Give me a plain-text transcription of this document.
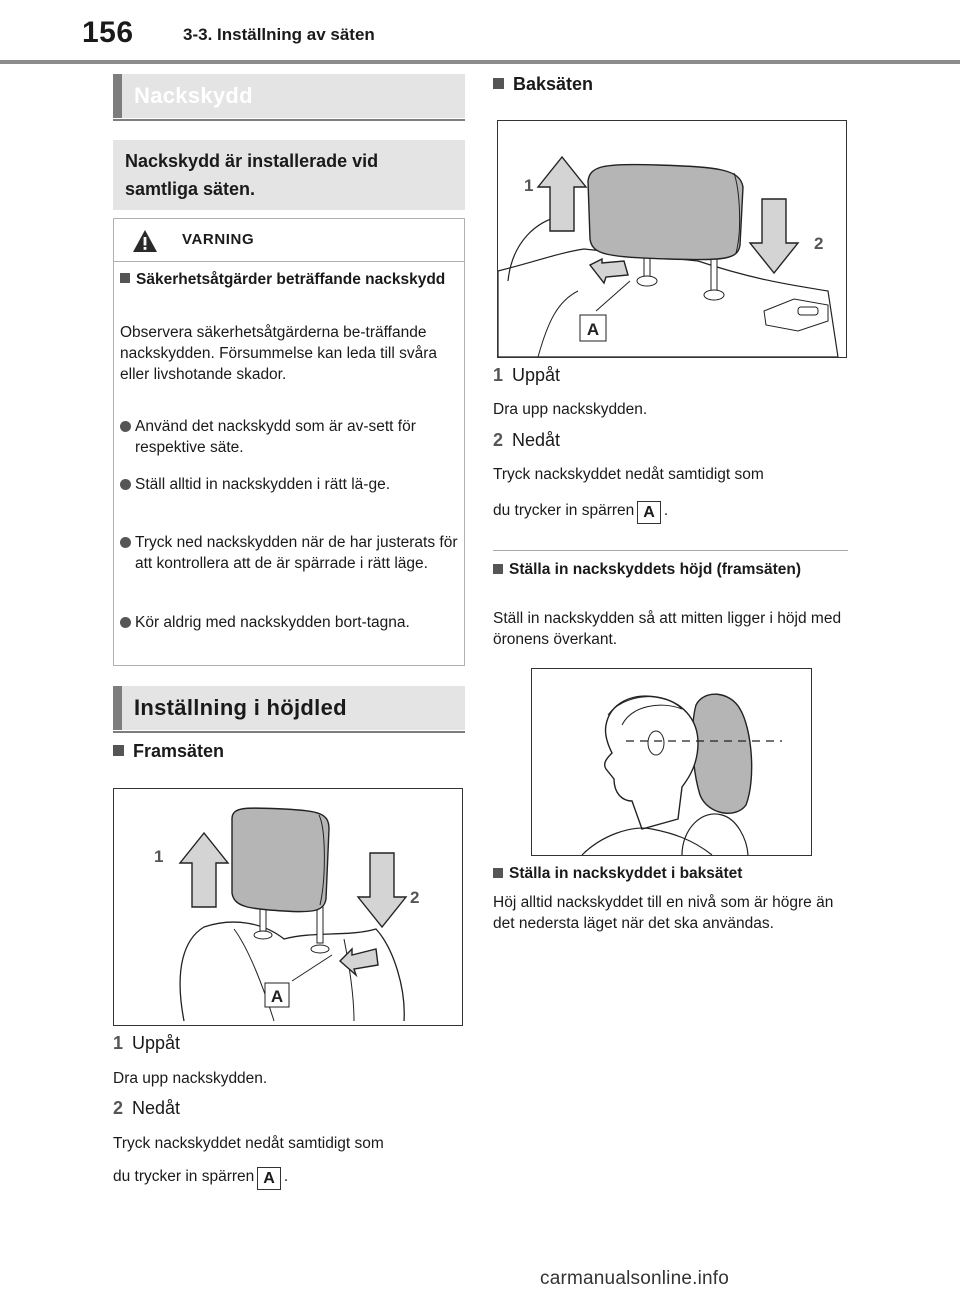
156	3-3. Inställning av säten
Nackskydd
Nackskydd är installerade vid samtliga säten.
VARNING
Säkerhetsåtgärder beträffande nackskydd
Observera säkerhetsåtgärderna be-träffande nackskydden. Försummelse kan leda till svåra eller livshotande skador.
Använd det nackskydd som är av-sett för respektive säte.
Ställ alltid in nackskydden i rätt lä-ge.
Tryck ned nackskydden när de har justerats för att kontrollera att de är spärrade i rätt läge.
Kör aldrig med nackskydden bort-tagna.
Inställning i höjdled
Framsäten
1
2
A
1 Uppåt
Dra upp nackskydden.
2 Nedåt
Tryck nackskyddet nedåt samtidigt som
du trycker in spärren A .
Baksäten
1
2
A
1 Uppåt
Dra upp nackskydden.
2 Nedåt
Tryck nackskyddet nedåt samtidigt som
du trycker in spärren A .
Ställa in nackskyddets höjd (framsäten)
Ställ in nackskydden så att mitten ligger i höjd med öronens överkant.
Ställa in nackskyddet i baksätet
Höj alltid nackskyddet till en nivå som är högre än det nedersta läget när det ska användas.
carmanualsonline.info
